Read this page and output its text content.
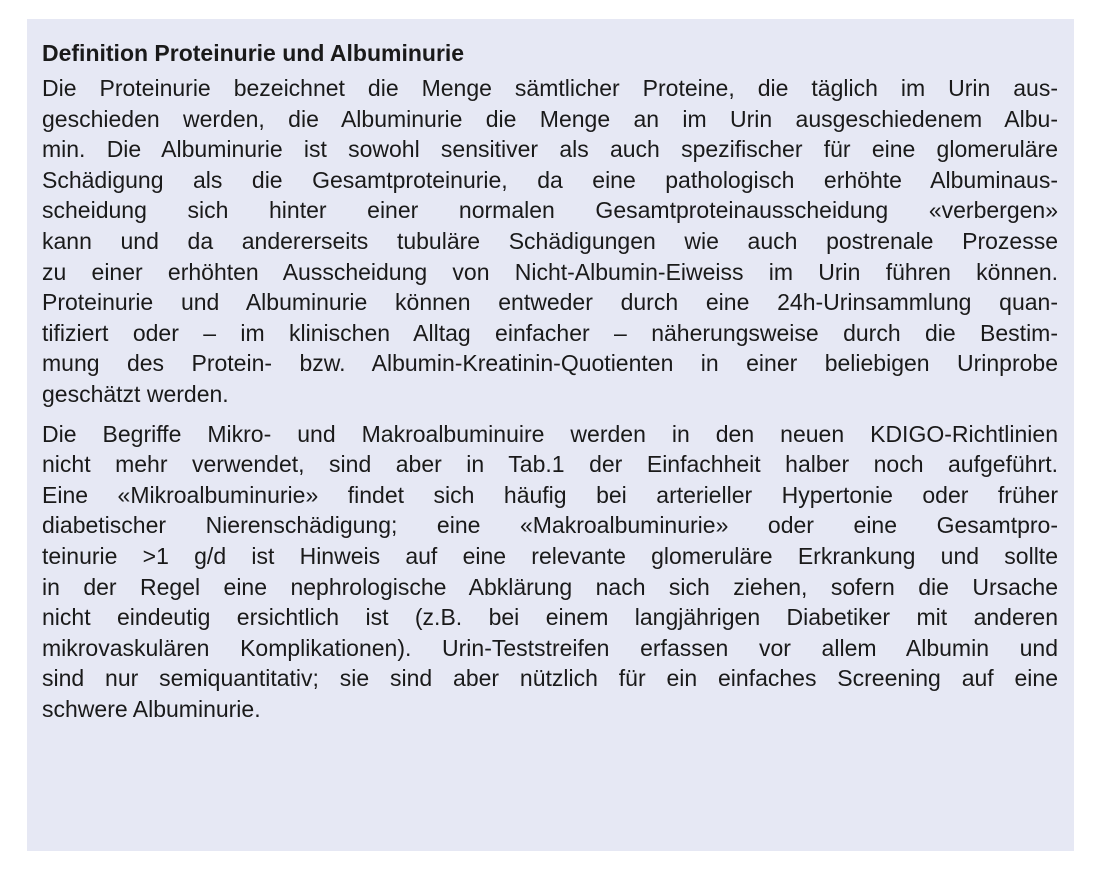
Definition Proteinurie und Albuminurie
Die Proteinurie bezeichnet die Menge sämtlicher Proteine, die täglich im Urin aus-
geschieden werden, die Albuminurie die Menge an im Urin ausgeschiedenem Albu-
min. Die Albuminurie ist sowohl sensitiver als auch spezifischer für eine glomeruläre
Schädigung als die Gesamtproteinurie, da eine pathologisch erhöhte Albuminaus-
scheidung sich hinter einer normalen Gesamtproteinausscheidung «verbergen»
kann und da andererseits tubuläre Schädigungen wie auch postrenale Prozesse
zu einer erhöhten Ausscheidung von Nicht-Albumin-Eiweiss im Urin führen können.
Proteinurie und Albuminurie können entweder durch eine 24h-Urinsammlung quan-
tifiziert oder – im klinischen Alltag einfacher – näherungsweise durch die Bestim-
mung des Protein- bzw. Albumin-Kreatinin-Quotienten in einer beliebigen Urinprobe
geschätzt werden.
Die Begriffe Mikro- und Makroalbuminuire werden in den neuen KDIGO-Richtlinien
nicht mehr verwendet, sind aber in Tab.1 der Einfachheit halber noch aufgeführt.
Eine «Mikroalbuminurie» findet sich häufig bei arterieller Hypertonie oder früher
diabetischer Nierenschädigung; eine «Makroalbuminurie» oder eine Gesamtpro-
teinurie >1 g/d ist Hinweis auf eine relevante glomeruläre Erkrankung und sollte
in der Regel eine nephrologische Abklärung nach sich ziehen, sofern die Ursache
nicht eindeutig ersichtlich ist (z.B. bei einem langjährigen Diabetiker mit anderen
mikrovaskulären Komplikationen). Urin-Teststreifen erfassen vor allem Albumin und
sind nur semiquantitativ; sie sind aber nützlich für ein einfaches Screening auf eine
schwere Albuminurie.
